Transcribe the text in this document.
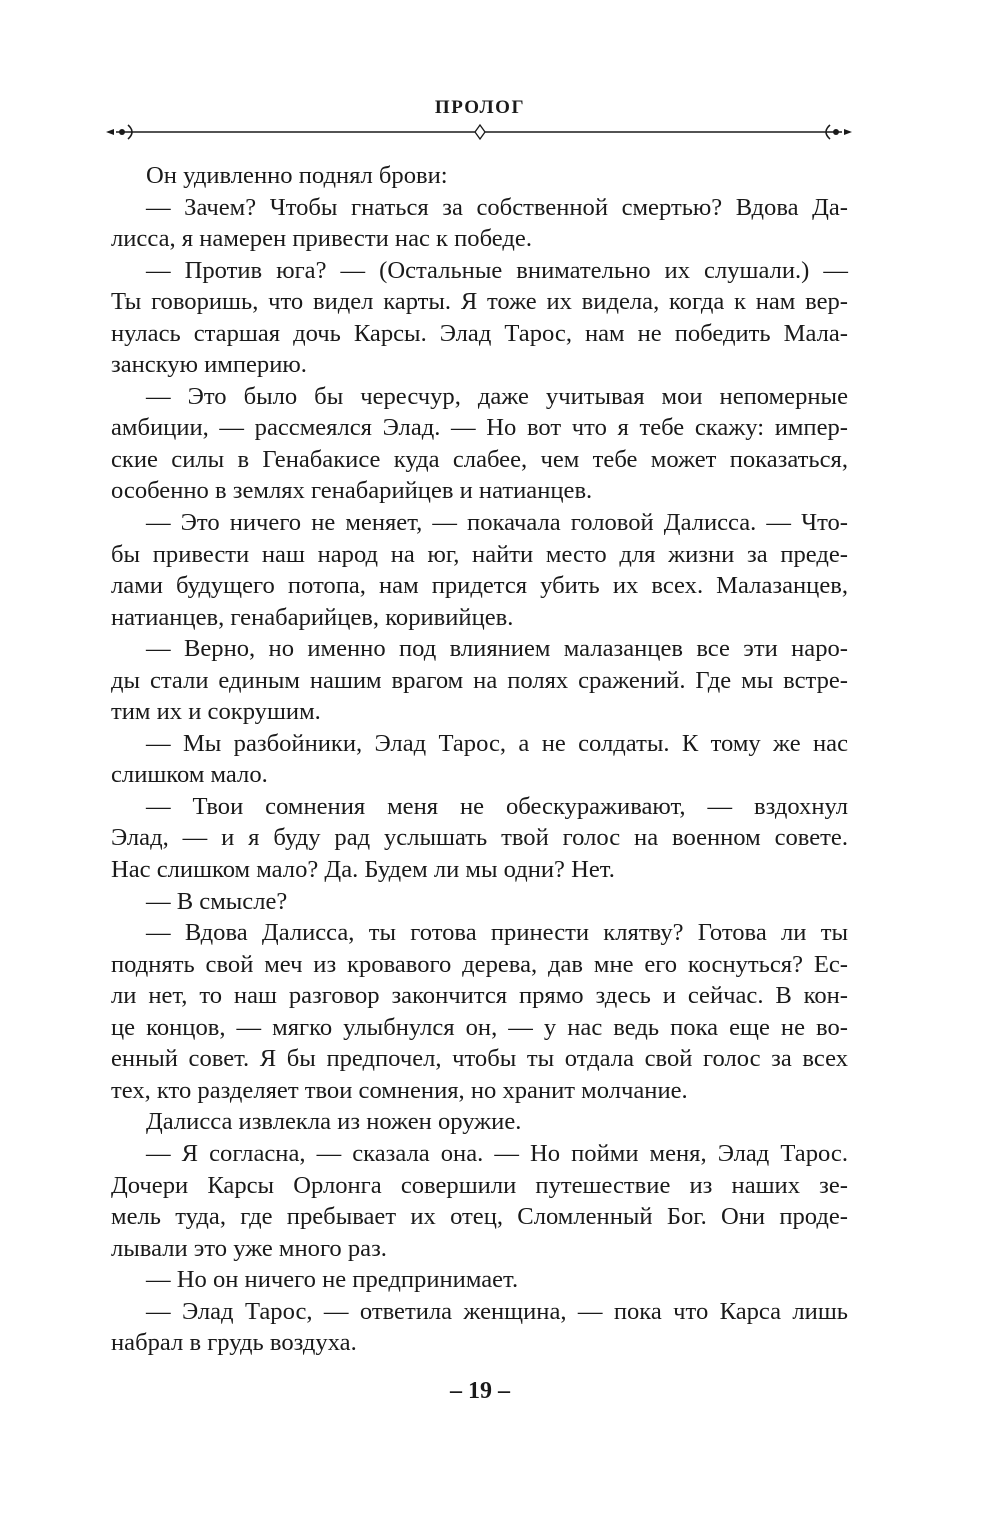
ПРОЛОГ
Он удивленно поднял брови:
— Зачем? Чтобы гнаться за собственной смертью? Вдова Да-
лисса, я намерен привести нас к победе.
— Против юга? — (Остальные внимательно их слушали.) —
Ты говоришь, что видел карты. Я тоже их видела, когда к нам вер-
нулась старшая дочь Карсы. Элад Тарос, нам не победить Мала-
занскую империю.
— Это было бы чересчур, даже учитывая мои непомерные
амбиции, — рассмеялся Элад. — Но вот что я тебе скажу: импер-
ские силы в Генабакисе куда слабее, чем тебе может показаться,
особенно в землях генабарийцев и натианцев.
— Это ничего не меняет, — покачала головой Далисса. — Что-
бы привести наш народ на юг, найти место для жизни за преде-
лами будущего потопа, нам придется убить их всех. Малазанцев,
натианцев, генабарийцев, коривийцев.
— Верно, но именно под влиянием малазанцев все эти наро-
ды стали единым нашим врагом на полях сражений. Где мы встре-
тим их и сокрушим.
— Мы разбойники, Элад Тарос, а не солдаты. К тому же нас
слишком мало.
— Твои сомнения меня не обескураживают, — вздохнул
Элад, — и я буду рад услышать твой голос на военном совете.
Нас слишком мало? Да. Будем ли мы одни? Нет.
— В смысле?
— Вдова Далисса, ты готова принести клятву? Готова ли ты
поднять свой меч из кровавого дерева, дав мне его коснуться? Ес-
ли нет, то наш разговор закончится прямо здесь и сейчас. В кон-
це концов, — мягко улыбнулся он, — у нас ведь пока еще не во-
енный совет. Я бы предпочел, чтобы ты отдала свой голос за всех
тех, кто разделяет твои сомнения, но хранит молчание.
Далисса извлекла из ножен оружие.
— Я согласна, — сказала она. — Но пойми меня, Элад Тарос.
Дочери Карсы Орлонга совершили путешествие из наших зе-
мель туда, где пребывает их отец, Сломленный Бог. Они проде-
лывали это уже много раз.
— Но он ничего не предпринимает.
— Элад Тарос, — ответила женщина, — пока что Карса лишь
набрал в грудь воздуха.
– 19 –
